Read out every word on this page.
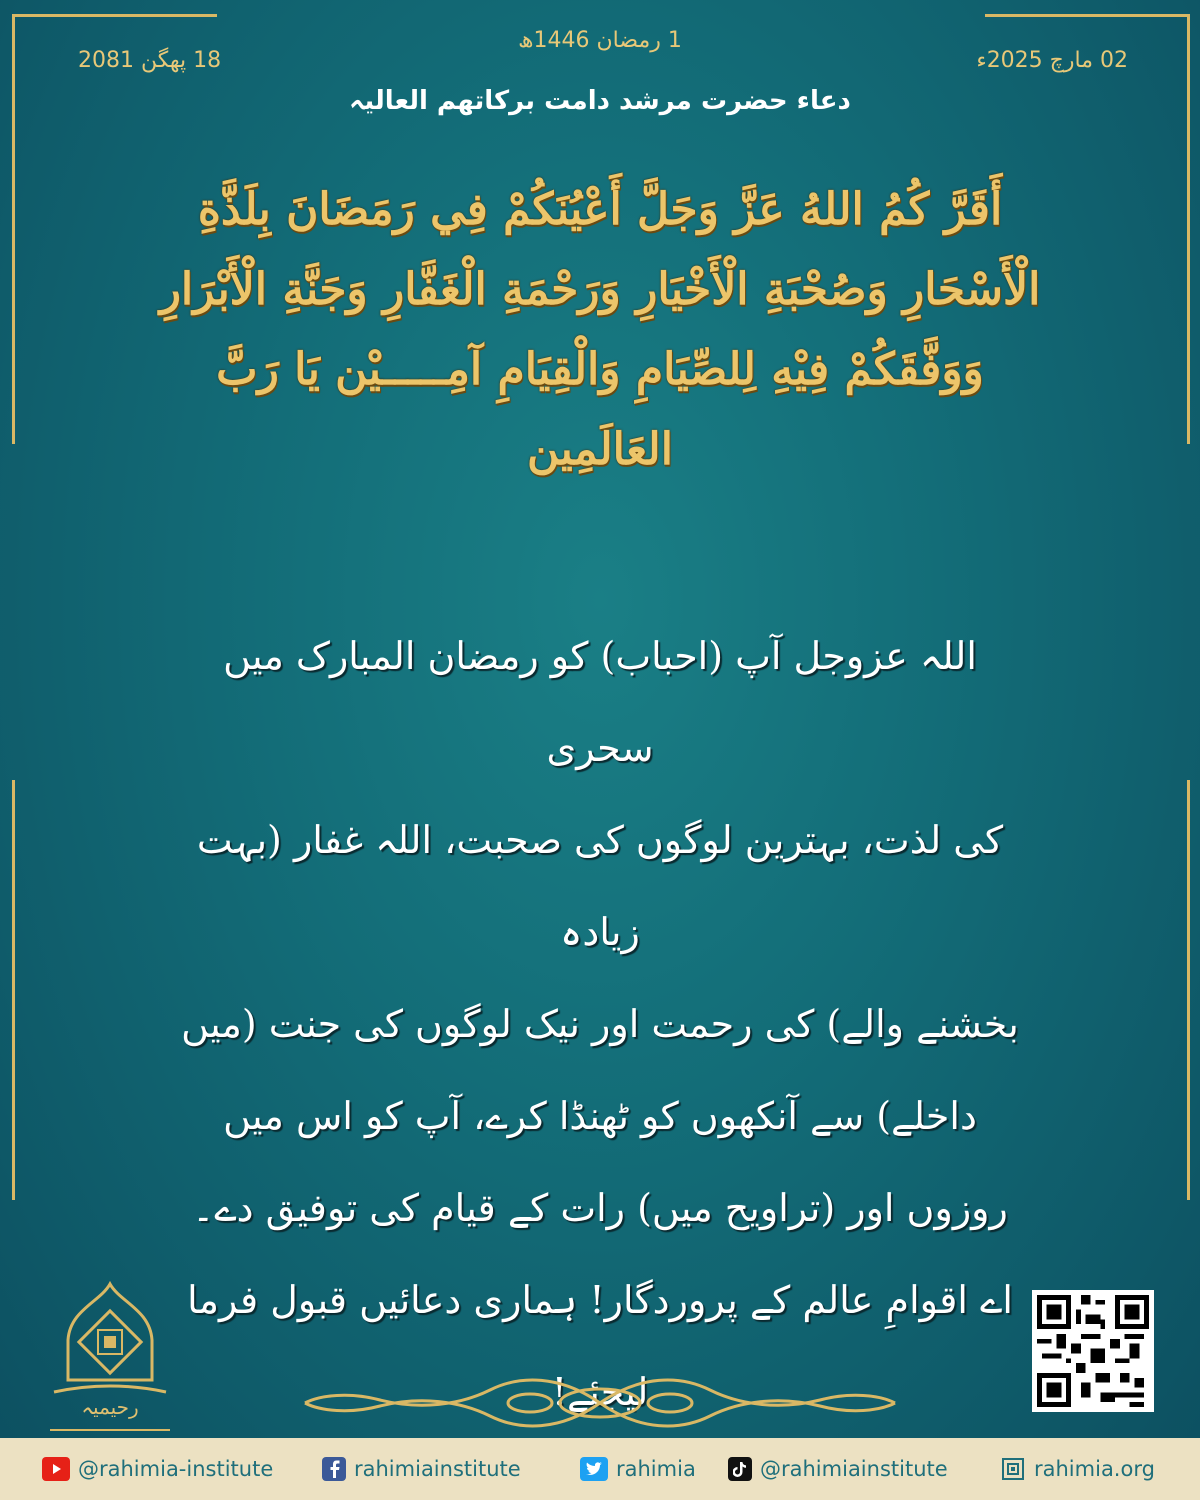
1 رمضان 1446ھ
02 مارچ 2025ء
18 پھگن 2081
دعاء حضرت مرشد دامت برکاتھم العالیہ
أَقَرَّ كُمُ اللهُ عَزَّ وَجَلَّ أَعْيُنَكُمْ فِي رَمَضَانَ بِلَذَّةِ
الْأَسْحَارِ وَصُحْبَةِ الْأَخْيَارِ وَرَحْمَةِ الْغَفَّارِ وَجَنَّةِ الْأَبْرَارِ
وَوَفَّقَكُمْ فِيْهِ لِلصِّيَامِ وَالْقِيَامِ آمِـــــيْن يَا رَبَّ
العَالَمِين
اللہ عزوجل آپ (احباب) کو رمضان المبارک میں سحری
کی لذت، بہترین لوگوں کی صحبت، اللہ غفار (بہت زیادہ
بخشنے والے) کی رحمت اور نیک لوگوں کی جنت (میں
داخلے) سے آنکھوں کو ٹھنڈا کرے، آپ کو اس میں
روزوں اور (تراویح میں) رات کے قیام کی توفیق دے۔
اے اقوامِ عالم کے پروردگار! ہماری دعائیں قبول فرما
لیجئے!
رحیمیہ
@rahimia-institute	rahimiainstitute	rahimia	@rahimiainstitute	rahimia.org
